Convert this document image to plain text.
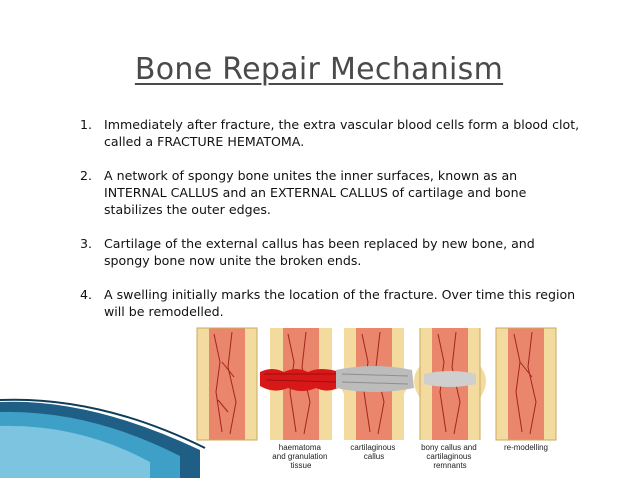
Bone Repair Mechanism
1. Immediately after fracture, the extra vascular blood cells form a blood clot, called a FRACTURE HEMATOMA.
2. A network of spongy bone unites the inner surfaces, known as an INTERNAL CALLUS and an EXTERNAL CALLUS of cartilage and bone stabilizes the outer edges.
3. Cartilage of the external callus has been replaced by new bone, and spongy bone now unite the broken ends.
4. A swelling initially marks the location of the fracture. Over time this region will be remodelled.
haematoma and granulation tissue
cartilaginous callus
bony callus and cartilaginous remnants
re-modelling
